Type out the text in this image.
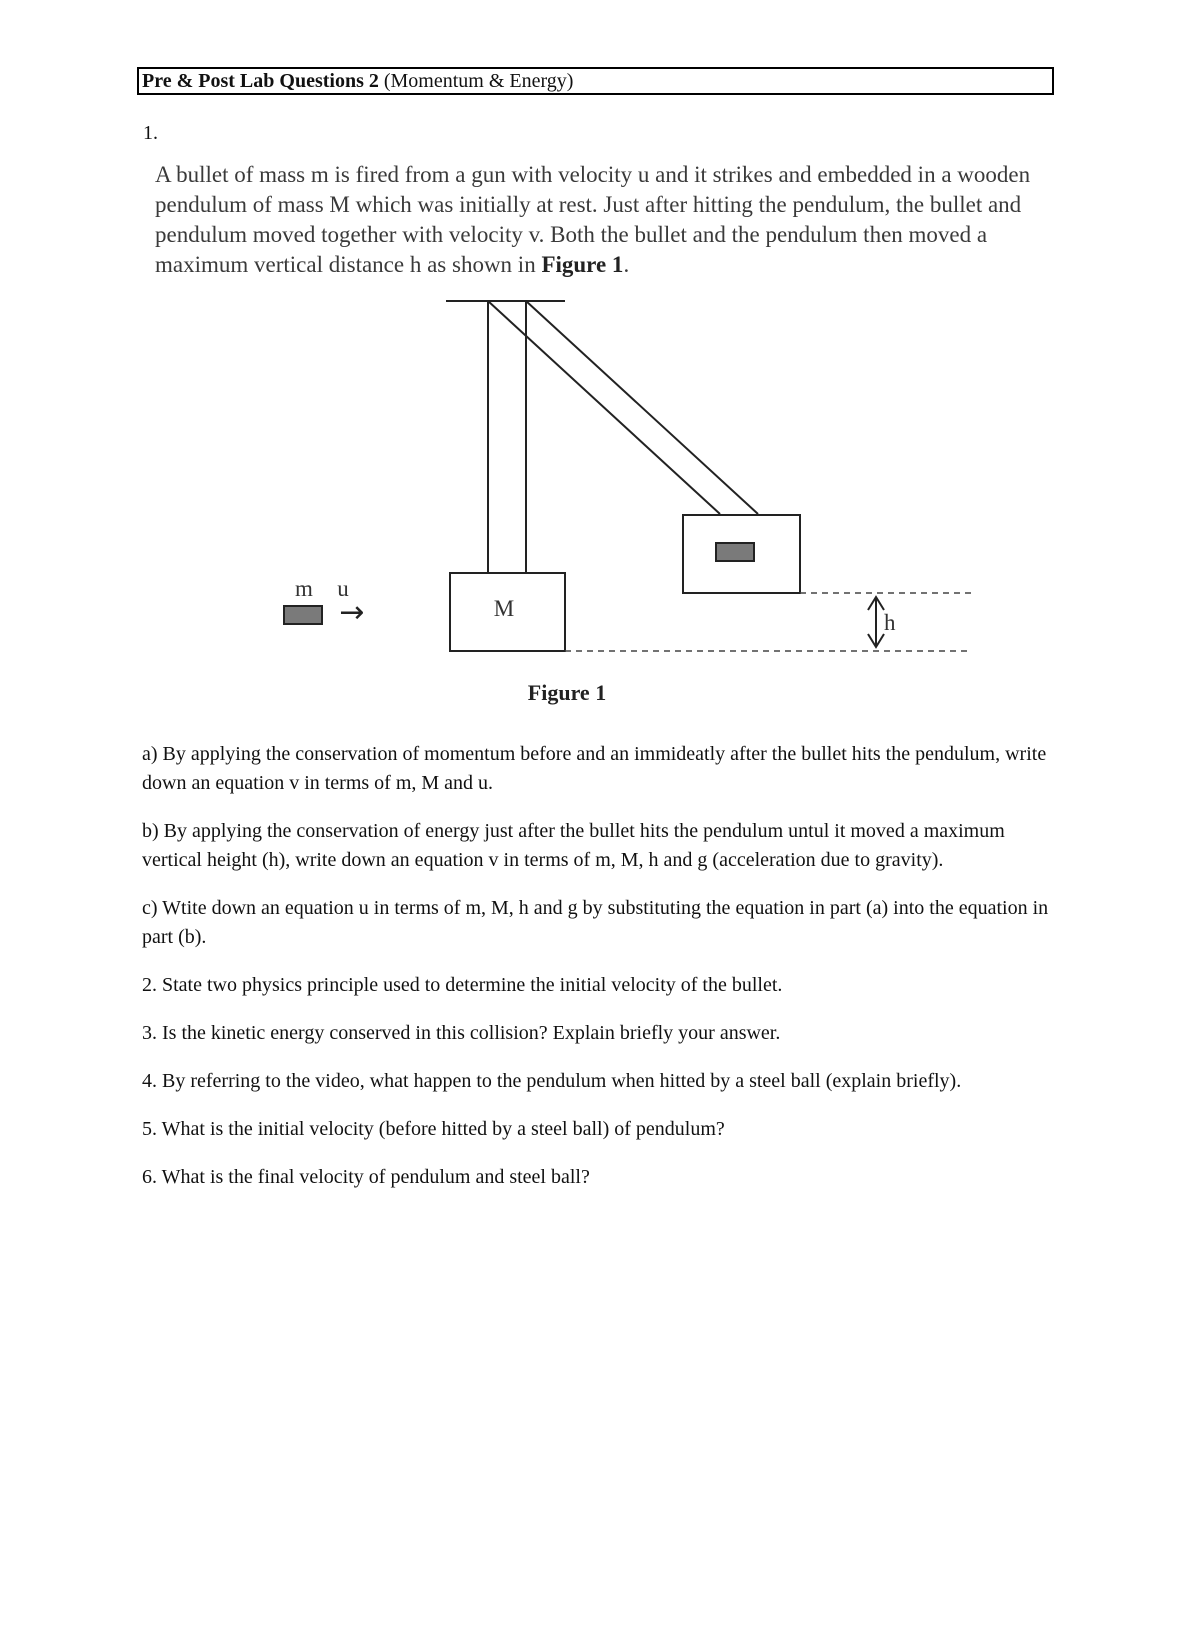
Pre & Post Lab Questions 2 (Momentum & Energy)
1.
A bullet of mass m is fired from a gun with velocity u and it strikes and embedded in a wooden pendulum of mass M which was initially at rest. Just after hitting the pendulum, the bullet and pendulum moved together with velocity v. Both the bullet and the pendulum then moved a maximum vertical distance h as shown in Figure 1.
M
m u
→	h
Figure 1

a) By applying the conservation of momentum before and an immideatly after the bullet hits the pendulum, write down an equation v in terms of m, M and u.

b) By applying the conservation of energy just after the bullet hits the pendulum untul it moved a maximum vertical height (h), write down an equation v in terms of m, M, h and g (acceleration due to gravity).

c) Wtite down an equation u in terms of m, M, h and g by substituting the equation in part (a) into the equation in part (b).

2. State two physics principle used to determine the initial velocity of the bullet.

3. Is the kinetic energy conserved in this collision? Explain briefly your answer.

4. By referring to the video, what happen to the pendulum when hitted by a steel ball (explain briefly).

5. What is the initial velocity (before hitted by a steel ball) of pendulum?

6. What is the final velocity of pendulum and steel ball?
